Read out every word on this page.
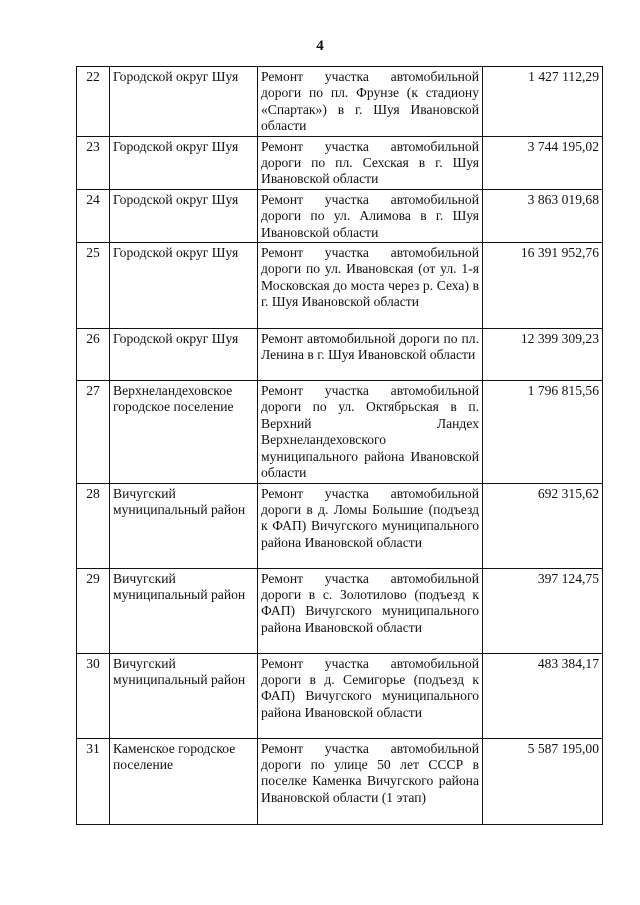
4
22	Городской округ Шуя	Ремонт участка автомобильной дороги по пл. Фрунзе (к стадиону «Спартак») в г. Шуя Ивановской области	1 427 112,29
23	Городской округ Шуя	Ремонт участка автомобильной дороги по пл. Сехская в г. Шуя Ивановской области	3 744 195,02
24	Городской округ Шуя	Ремонт участка автомобильной дороги по ул. Алимова в г. Шуя Ивановской области	3 863 019,68
25	Городской округ Шуя	Ремонт участка автомобильной дороги по ул. Ивановская (от ул. 1-я Московская до моста через р. Сеха) в г. Шуя Ивановской области	16 391 952,76
26	Городской округ Шуя	Ремонт автомобильной дороги по пл. Ленина в г. Шуя Ивановской области	12 399 309,23
27	Верхнеландеховское городское поселение	Ремонт участка автомобильной дороги по ул. Октябрьская в п. Верхний Ландех Верхнеландеховского муниципального района Ивановской области	1 796 815,56
28	Вичугский муниципальный район	Ремонт участка автомобильной дороги в д. Ломы Большие (подъезд к ФАП) Вичугского муниципального района Ивановской области	692 315,62
29	Вичугский муниципальный район	Ремонт участка автомобильной дороги в с. Золотилово (подъезд к ФАП) Вичугского муниципального района Ивановской области	397 124,75
30	Вичугский муниципальный район	Ремонт участка автомобильной дороги в д. Семигорье (подъезд к ФАП) Вичугского муниципального района Ивановской области	483 384,17
31	Каменское городское поселение	Ремонт участка автомобильной дороги по улице 50 лет СССР в поселке Каменка Вичугского района Ивановской области (1 этап)	5 587 195,00
